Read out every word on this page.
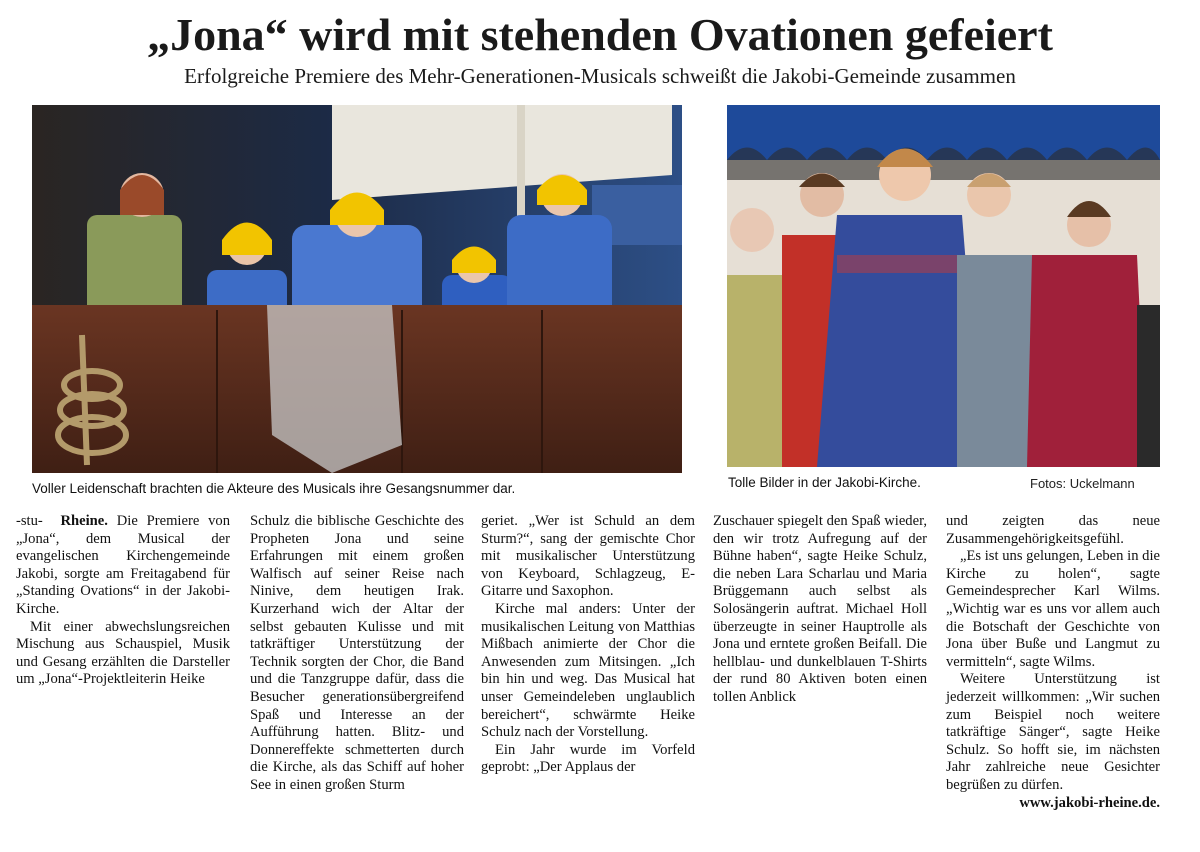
„Jona“ wird mit stehenden Ovationen gefeiert
Erfolgreiche Premiere des Mehr-Generationen-Musicals schweißt die Jakobi-Gemeinde zusammen
Voller Leidenschaft brachten die Akteure des Musicals ihre Gesangsnummer dar.	Tolle Bilder in der Jakobi-Kirche.	Fotos: Uckelmann

-stu- Rheine. Die Premiere von „Jona“, dem Musical der evangelischen Kirchengemeinde Jakobi, sorgte am Freitagabend für „Standing Ovations“ in der Jakobi-Kirche.

Mit einer abwechslungsreichen Mischung aus Schauspiel, Musik und Gesang erzählten die Darsteller um „Jona“-Projektleiterin Heike

Schulz die biblische Geschichte des Propheten Jona und seine Erfahrungen mit einem großen Walfisch auf seiner Reise nach Ninive, dem heutigen Irak. Kurzerhand wich der Altar der selbst gebauten Kulisse und mit tatkräftiger Unterstützung der Technik sorgten der Chor, die Band und die Tanzgruppe dafür, dass die Besucher generationsübergreifend Spaß und Interesse an der Aufführung hatten. Blitz- und Donnereffekte schmetterten durch die Kirche, als das Schiff auf hoher See in einen großen Sturm

geriet. „Wer ist Schuld an dem Sturm?“, sang der gemischte Chor mit musikalischer Unterstützung von Keyboard, Schlagzeug, E-Gitarre und Saxophon.

Kirche mal anders: Unter der musikalischen Leitung von Matthias Mißbach animierte der Chor die Anwesenden zum Mitsingen. „Ich bin hin und weg. Das Musical hat unser Gemeindeleben unglaublich bereichert“, schwärmte Heike Schulz nach der Vorstellung.

Ein Jahr wurde im Vorfeld geprobt: „Der Applaus der

Zuschauer spiegelt den Spaß wieder, den wir trotz Aufregung auf der Bühne haben“, sagte Heike Schulz, die neben Lara Scharlau und Maria Brüggemann auch selbst als Solosängerin auftrat. Michael Holl überzeugte in seiner Hauptrolle als Jona und erntete großen Beifall. Die hellblau- und dunkelblauen T-Shirts der rund 80 Aktiven boten einen tollen Anblick

und zeigten das neue Zusammengehörigkeitsgefühl.

„Es ist uns gelungen, Leben in die Kirche zu holen“, sagte Gemeindesprecher Karl Wilms. „Wichtig war es uns vor allem auch die Botschaft der Geschichte von Jona über Buße und Langmut zu vermitteln“, sagte Wilms.

Weitere Unterstützung ist jederzeit willkommen: „Wir suchen zum Beispiel noch weitere tatkräftige Sänger“, sagte Heike Schulz. So hofft sie, im nächsten Jahr zahlreiche neue Gesichter begrüßen zu dürfen.

www.jakobi-rheine.de.
